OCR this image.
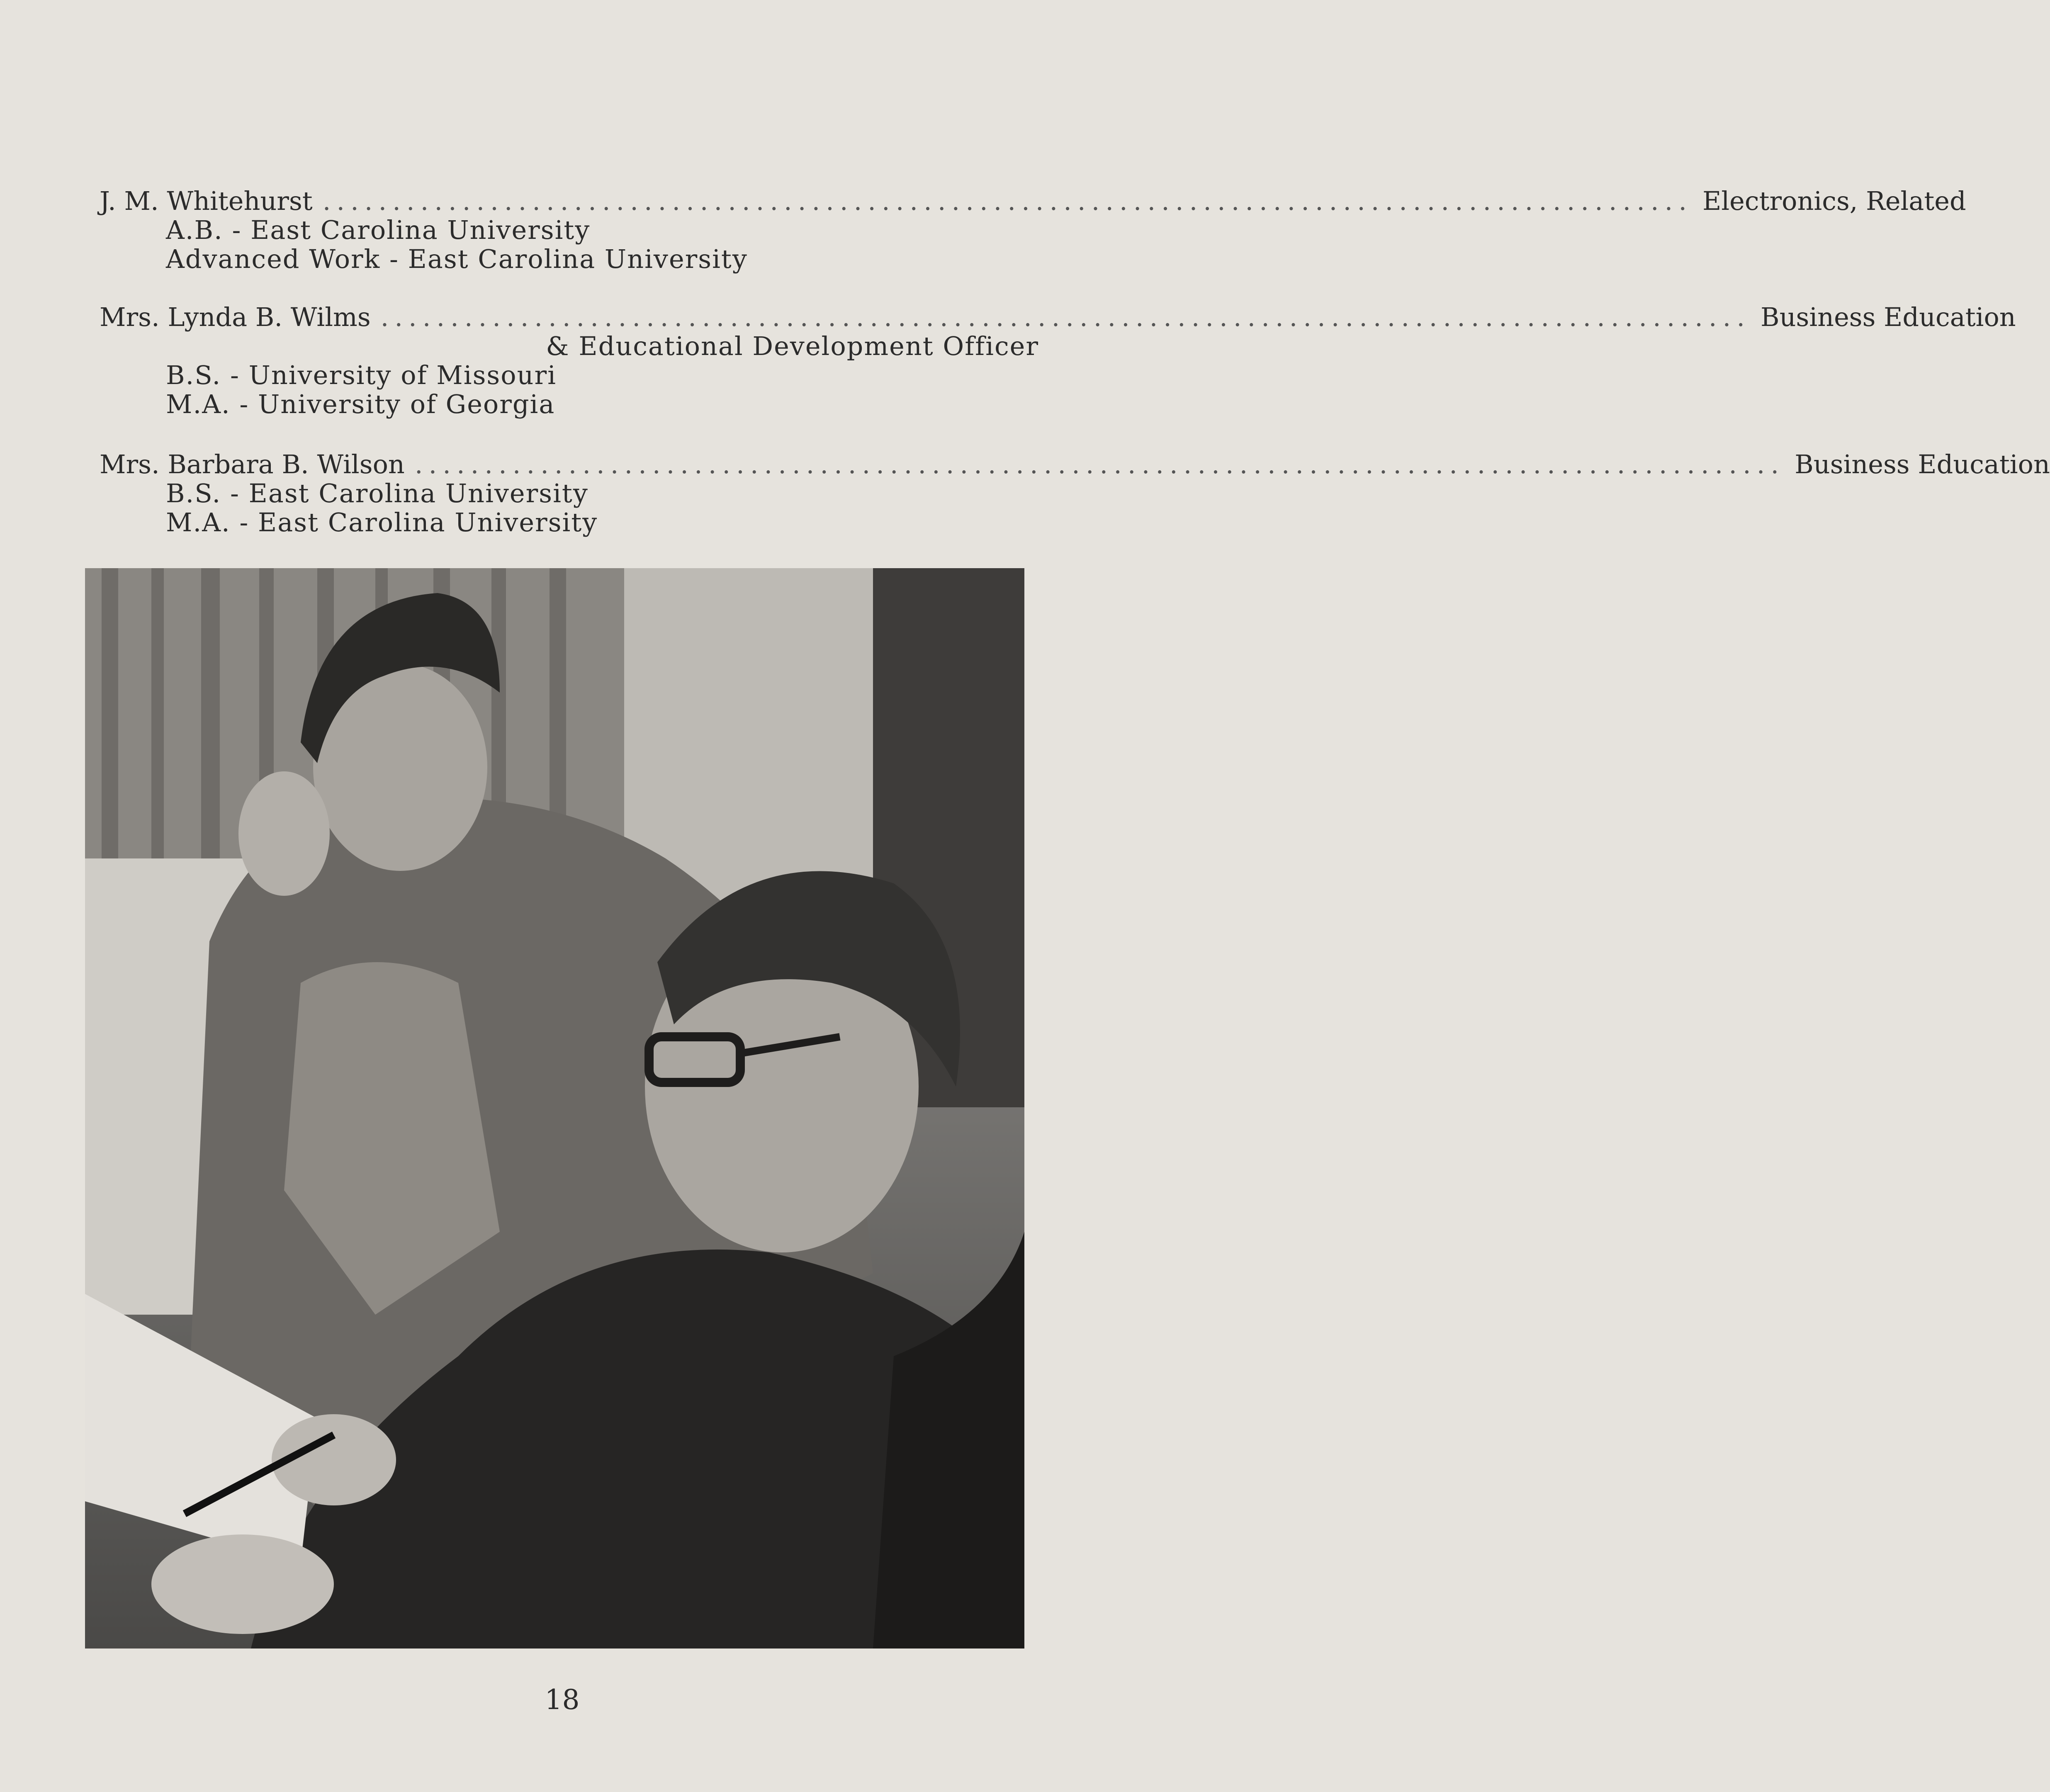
J. M. Whitehurst .................................................................................................. Electronics, Related
A.B. - East Carolina University
Advanced Work - East Carolina University
Mrs. Lynda B. Wilms .................................................................................................. Business Education
& Educational Development Officer
B.S. - University of Missouri
M.A. - University of Georgia
Mrs. Barbara B. Wilson .................................................................................................. Business Education
B.S. - East Carolina University
M.A. - East Carolina University
18
